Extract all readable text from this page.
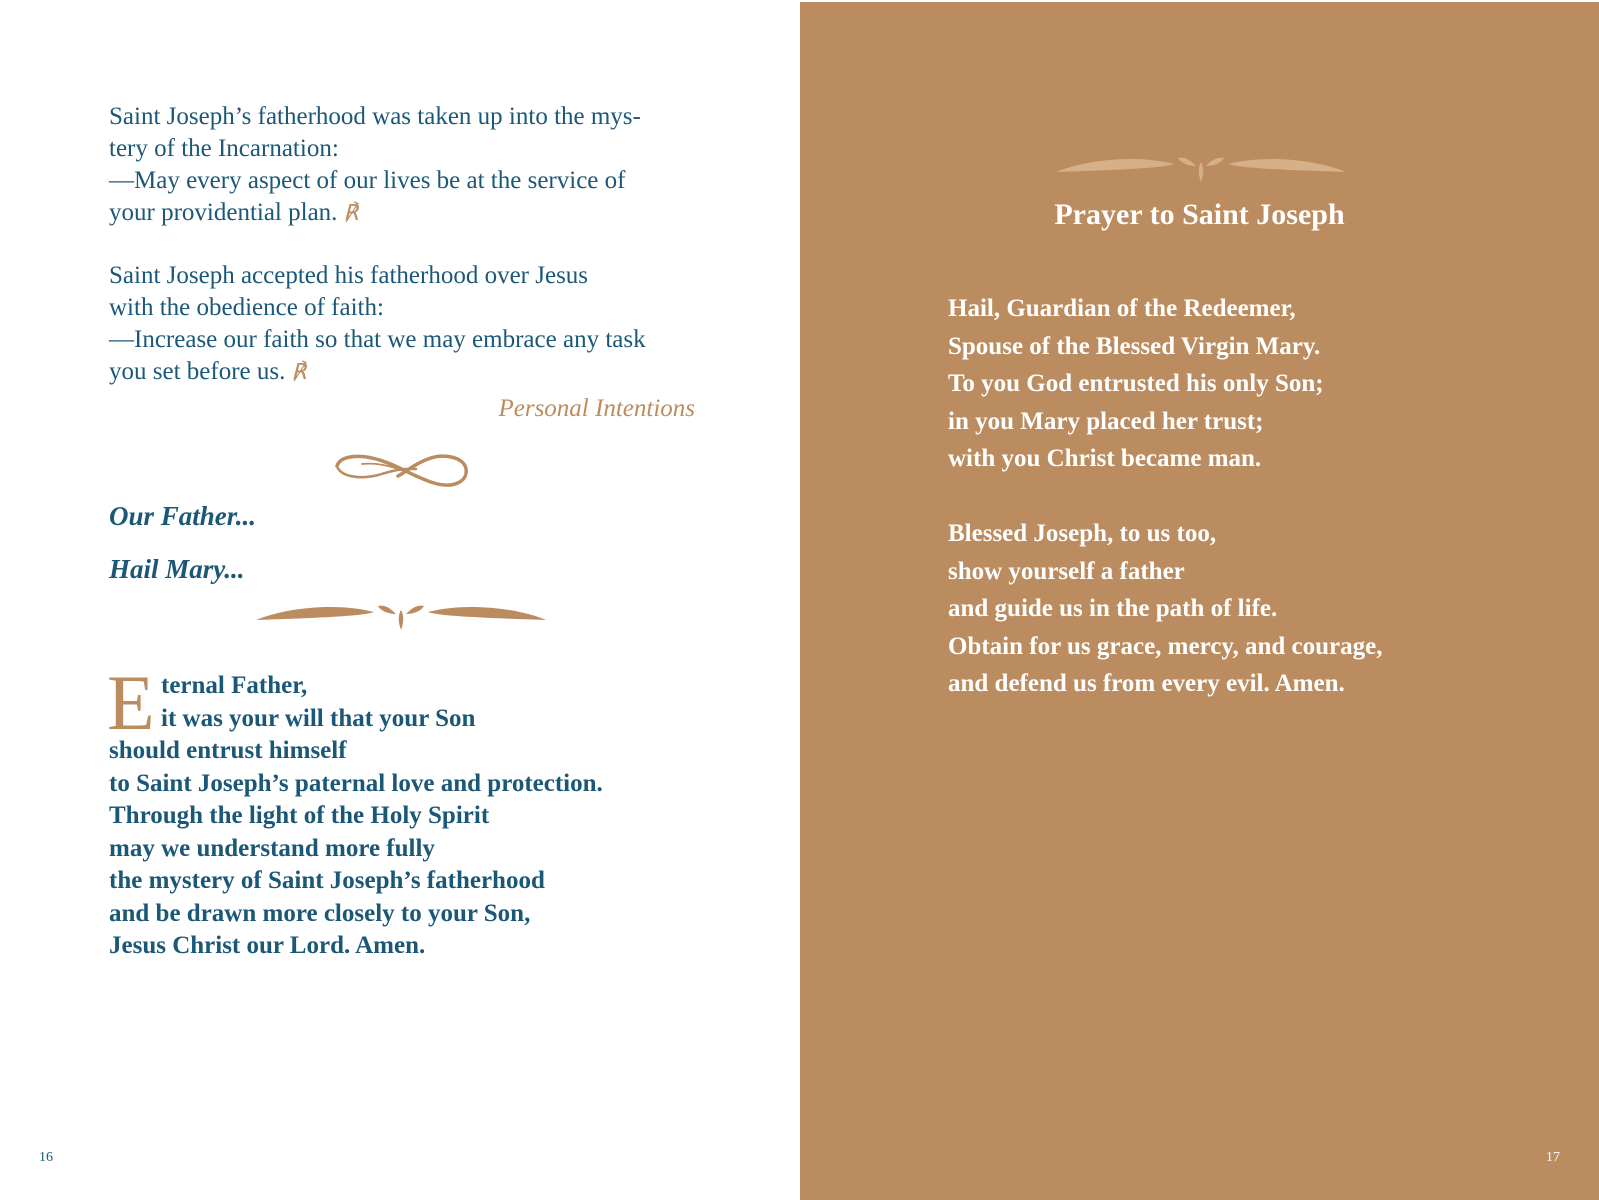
Saint Joseph’s fatherhood was taken up into the mys-
tery of the Incarnation:
—May every aspect of our lives be at the service of
your providential plan. ℟
Saint Joseph accepted his fatherhood over Jesus
with the obedience of faith:
—Increase our faith so that we may embrace any task
you set before us. ℟
Personal Intentions
Our Father...
Hail Mary...
E ternal Father,
it was your will that your Son
should entrust himself
to Saint Joseph’s paternal love and protection.
Through the light of the Holy Spirit
may we understand more fully
the mystery of Saint Joseph’s fatherhood
and be drawn more closely to your Son,
Jesus Christ our Lord. Amen.
16
Prayer to Saint Joseph
Hail, Guardian of the Redeemer,
Spouse of the Blessed Virgin Mary.
To you God entrusted his only Son;
in you Mary placed her trust;
with you Christ became man.
Blessed Joseph, to us too,
show yourself a father
and guide us in the path of life.
Obtain for us grace, mercy, and courage,
and defend us from every evil. Amen.
17
